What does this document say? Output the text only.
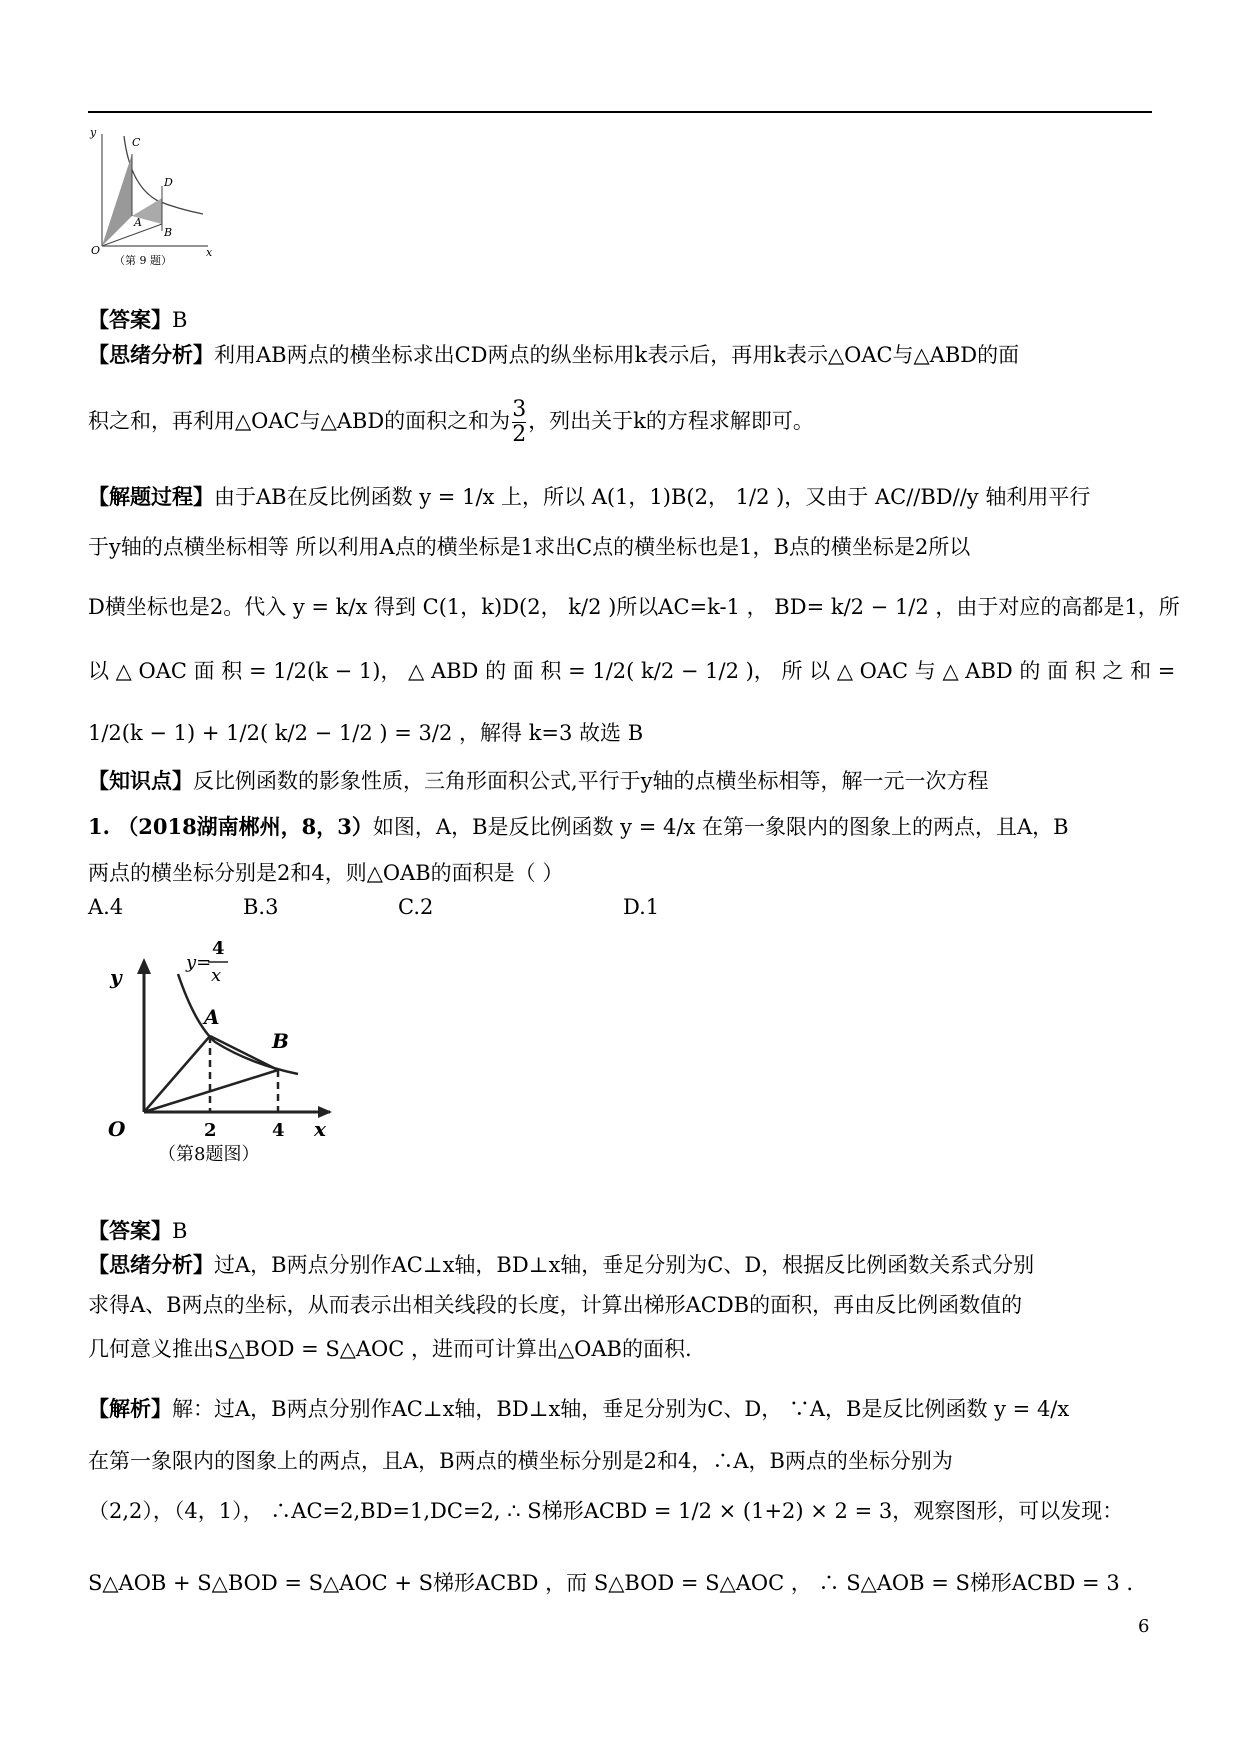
y
C
D
A
B
O	x
（第 9 题）
【答案】B
【思绪分析】利用AB两点的横坐标求出CD两点的纵坐标用k表示后，再用k表示△OAC与△ABD的面
积之和，再利用△OAC与△ABD的面积之和为 $\frac{3}{2}$ ，列出关于k的方程求解即可。
【解题过程】由于AB在反比例函数 y = 1/x 上，所以 A(1，1)B(2， 1/2 )，又由于 AC//BD//y 轴利用平行
于y轴的点横坐标相等 所以利用A点的横坐标是1求出C点的横坐标也是1，B点的横坐标是2所以
D横坐标也是2。代入 y = k/x 得到 C(1，k)D(2， k/2 )所以AC=k-1 ， BD= k/2 − 1/2 ，由于对应的高都是1，所
以 △ OAC 面 积 = 1/2(k − 1)， △ ABD 的 面 积 = 1/2( k/2 − 1/2 )， 所 以 △ OAC 与 △ ABD 的 面 积 之 和 =
1/2(k − 1) + 1/2( k/2 − 1/2 ) = 3/2 ，解得 k=3 故选 B
【知识点】反比例函数的影象性质，三角形面积公式,平行于y轴的点横坐标相等，解一元一次方程
1. （2018湖南郴州，8，3）如图，A，B是反比例函数 y = 4/x 在第一象限内的图象上的两点，且A，B
两点的横坐标分别是2和4，则△OAB的面积是（ ）
A.4	B.3	C.2	D.1
y
y=
4
x
A
B
O	2	4 x
（第8题图）
【答案】B
【思绪分析】过A，B两点分别作AC⊥x轴，BD⊥x轴，垂足分别为C、D，根据反比例函数关系式分别
求得A、B两点的坐标，从而表示出相关线段的长度，计算出梯形ACDB的面积，再由反比例函数值的
几何意义推出S△BOD = S△AOC ，进而可计算出△OAB的面积.
【解析】解：过A，B两点分别作AC⊥x轴，BD⊥x轴，垂足分别为C、D， ∵A，B是反比例函数 y = 4/x
在第一象限内的图象上的两点，且A，B两点的横坐标分别是2和4，∴A，B两点的坐标分别为
（2,2），（4，1）， ∴AC=2,BD=1,DC=2, ∴ S梯形ACBD = 1/2 × (1+2) × 2 = 3，观察图形，可以发现：
S△AOB + S△BOD = S△AOC + S梯形ACBD ，而 S△BOD = S△AOC ， ∴ S△AOB = S梯形ACBD = 3 .
6
